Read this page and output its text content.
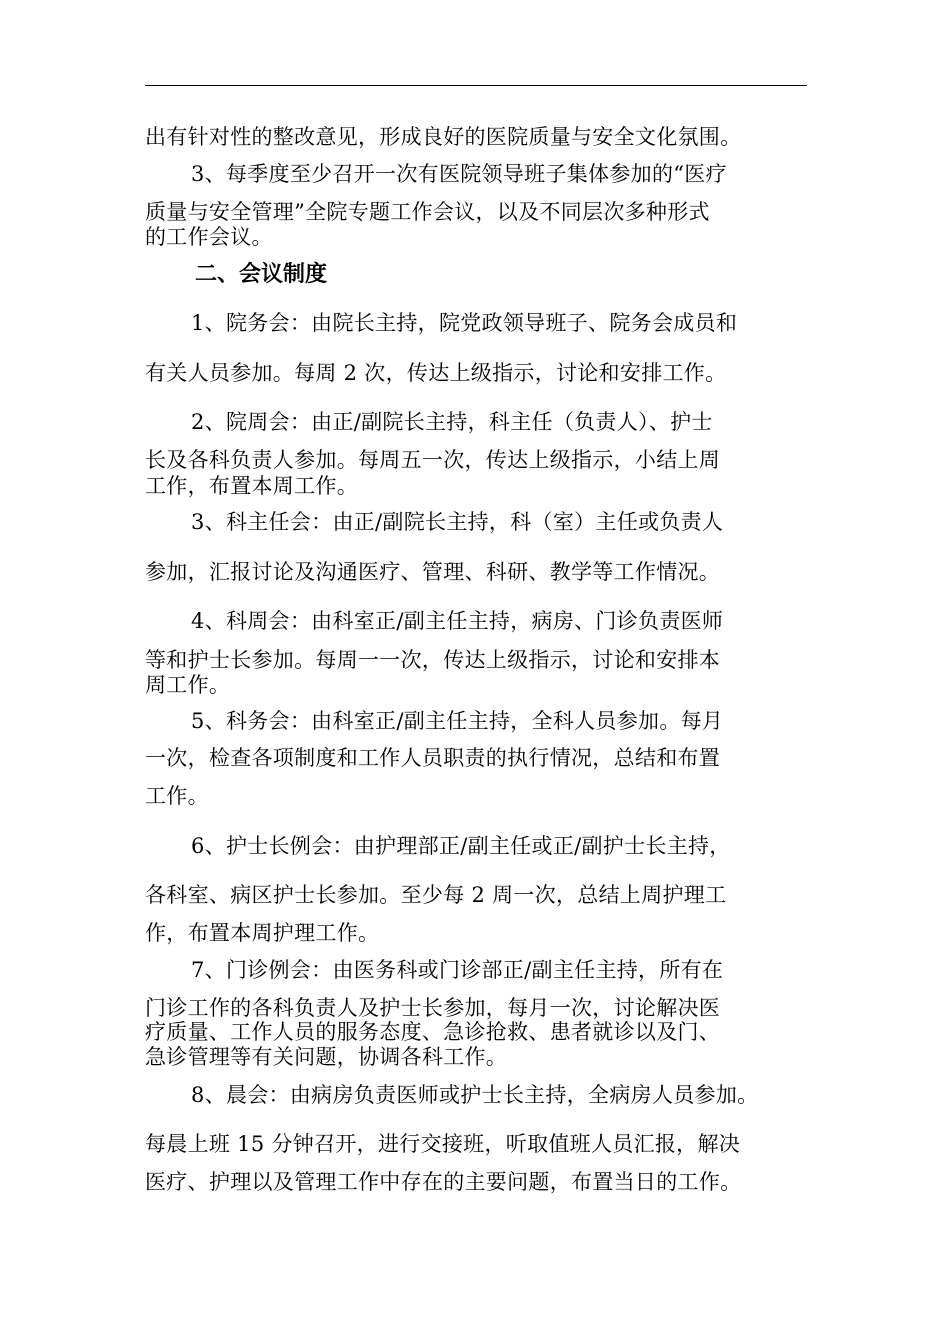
出有针对性的整改意见，形成良好的医院质量与安全文化氛围。
3、每季度至少召开一次有医院领导班子集体参加的“医疗
质量与安全管理”全院专题工作会议，以及不同层次多种形式
的工作会议。
二、会议制度
1、院务会：由院长主持，院党政领导班子、院务会成员和
有关人员参加。每周 2 次，传达上级指示，讨论和安排工作。
2、院周会：由正/副院长主持，科主任（负责人）、护士
长及各科负责人参加。每周五一次，传达上级指示，小结上周
工作，布置本周工作。
3、科主任会：由正/副院长主持，科（室）主任或负责人
参加，汇报讨论及沟通医疗、管理、科研、教学等工作情况。
4、科周会：由科室正/副主任主持，病房、门诊负责医师
等和护士长参加。每周一一次，传达上级指示，讨论和安排本
周工作。
5、科务会：由科室正/副主任主持，全科人员参加。每月
一次，检查各项制度和工作人员职责的执行情况，总结和布置
工作。
6、护士长例会：由护理部正/副主任或正/副护士长主持，
各科室、病区护士长参加。至少每 2 周一次，总结上周护理工
作，布置本周护理工作。
7、门诊例会：由医务科或门诊部正/副主任主持，所有在
门诊工作的各科负责人及护士长参加，每月一次，讨论解决医
疗质量、工作人员的服务态度、急诊抢救、患者就诊以及门、
急诊管理等有关问题，协调各科工作。
8、晨会：由病房负责医师或护士长主持，全病房人员参加。
每晨上班 15 分钟召开，进行交接班，听取值班人员汇报，解决
医疗、护理以及管理工作中存在的主要问题，布置当日的工作。
